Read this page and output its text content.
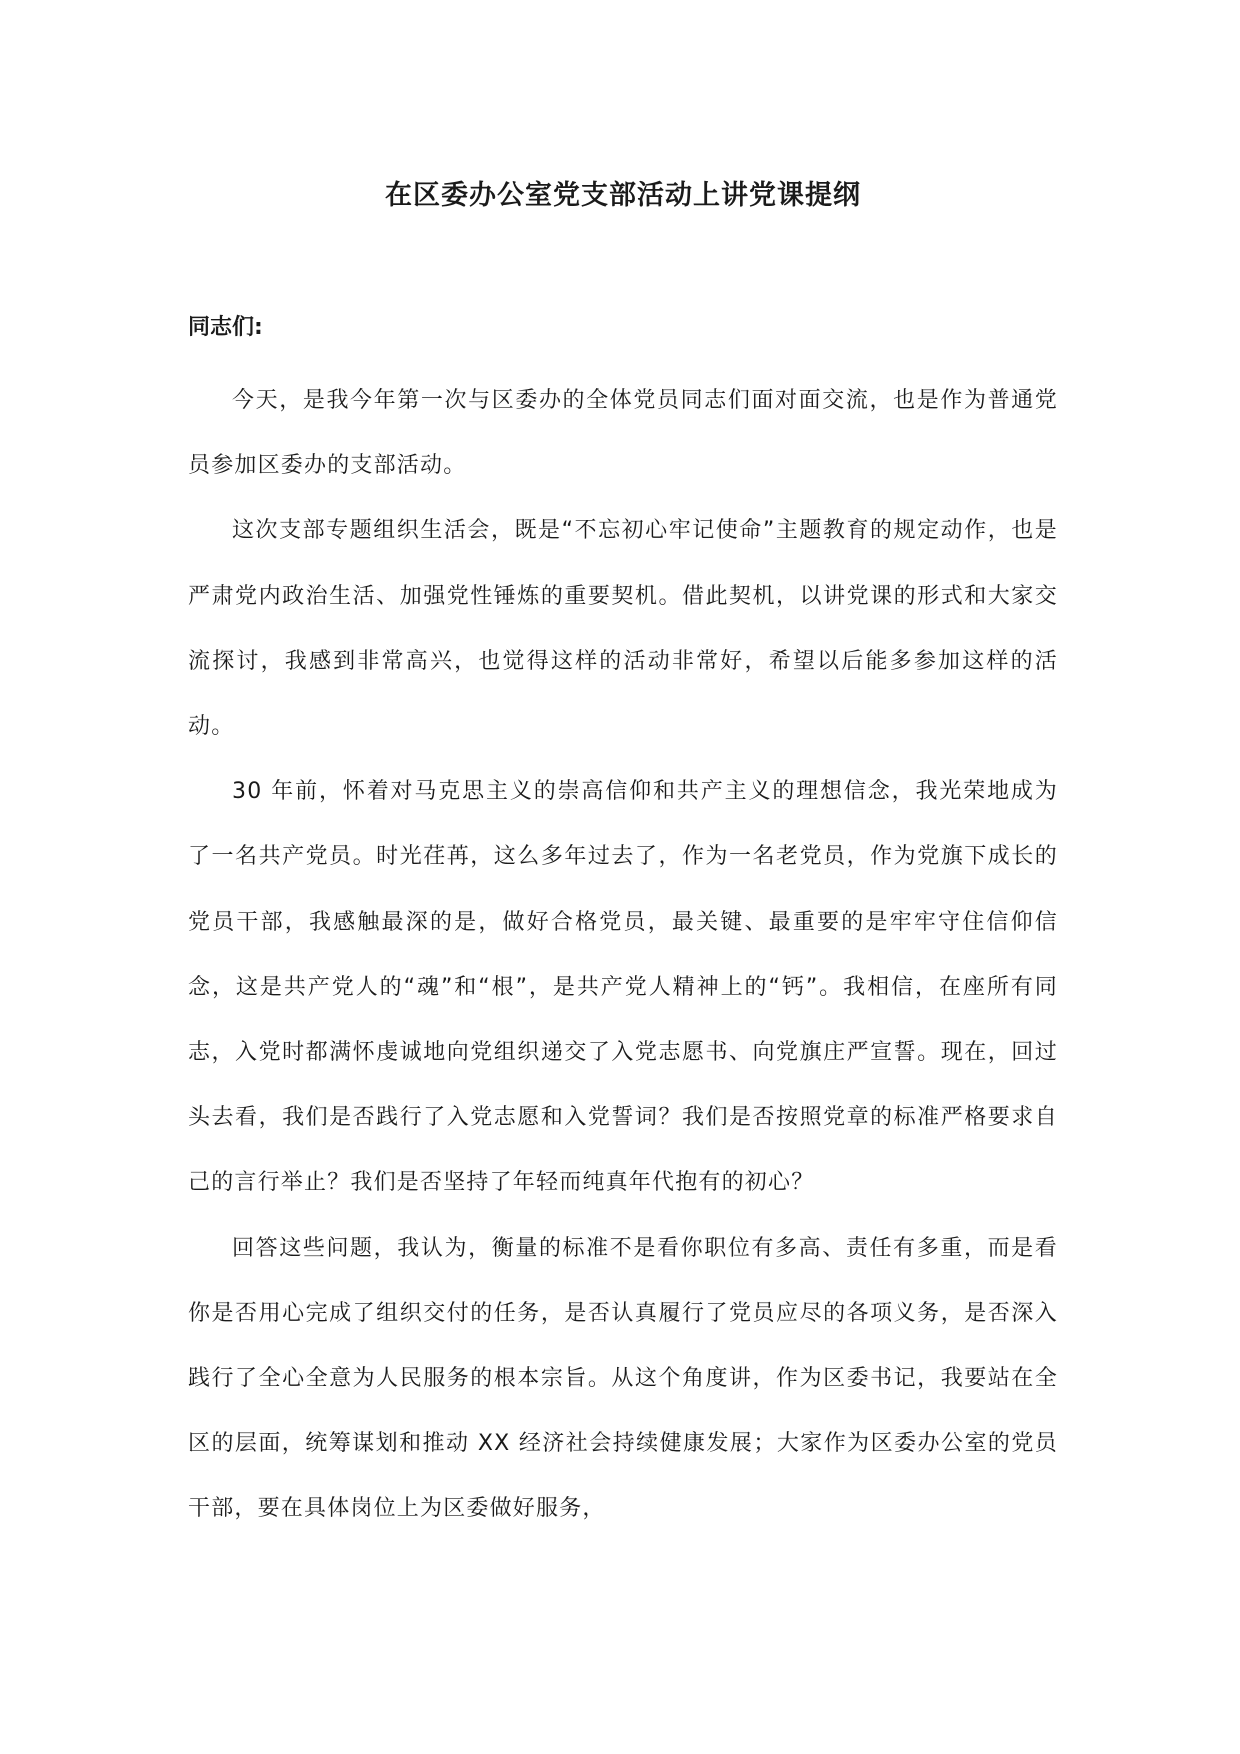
在区委办公室党支部活动上讲党课提纲

同志们:

今天，是我今年第一次与区委办的全体党员同志们面对面交流，也是作为普通党员参加区委办的支部活动。

这次支部专题组织生活会，既是“不忘初心牢记使命”主题教育的规定动作，也是严肃党内政治生活、加强党性锤炼的重要契机。借此契机，以讲党课的形式和大家交流探讨，我感到非常高兴，也觉得这样的活动非常好，希望以后能多参加这样的活动。

30 年前，怀着对马克思主义的崇高信仰和共产主义的理想信念，我光荣地成为了一名共产党员。时光荏苒，这么多年过去了，作为一名老党员，作为党旗下成长的党员干部，我感触最深的是，做好合格党员，最关键、最重要的是牢牢守住信仰信念，这是共产党人的“魂”和“根”，是共产党人精神上的“钙”。我相信，在座所有同志，入党时都满怀虔诚地向党组织递交了入党志愿书、向党旗庄严宣誓。现在，回过头去看，我们是否践行了入党志愿和入党誓词？我们是否按照党章的标准严格要求自己的言行举止？我们是否坚持了年轻而纯真年代抱有的初心？

回答这些问题，我认为，衡量的标准不是看你职位有多高、责任有多重，而是看你是否用心完成了组织交付的任务，是否认真履行了党员应尽的各项义务，是否深入践行了全心全意为人民服务的根本宗旨。从这个角度讲，作为区委书记，我要站在全区的层面，统筹谋划和推动 XX 经济社会持续健康发展；大家作为区委办公室的党员干部，要在具体岗位上为区委做好服务，
